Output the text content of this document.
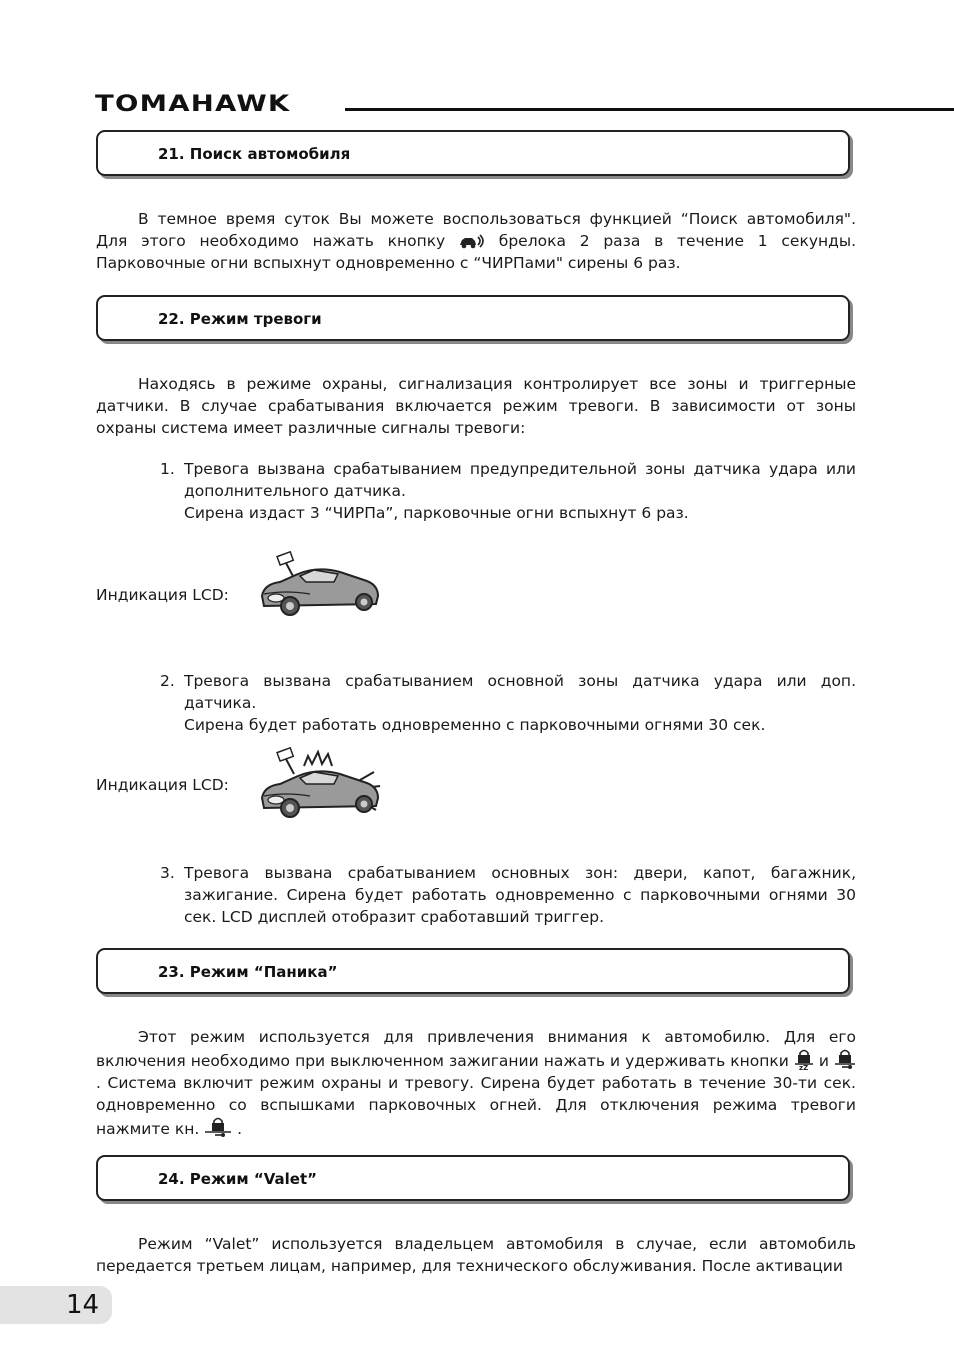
TOMAHAWK
21. Поиск автомобиля

В темное время суток Вы можете воспользоваться функцией “Поиск автомобиля". Для этого необходимо нажать кнопку	брелока 2 раза в течение 1 секунды. Парковочные огни вспыхнут одновременно с “ЧИРПами" сирены 6 раз.

22. Режим тревоги

Находясь в режиме охраны, сигнализация контролирует все зоны и триггерные датчики. В случае срабатывания включается режим тревоги. В зависимости от зоны охраны система имеет различные сигналы тревоги:

1. Тревога вызвана срабатыванием предупредительной зоны датчика удара или дополнительного датчика.
Сирена издаст 3 “ЧИРПа”, парковочные огни вспыхнут 6 раз.
Индикация LCD:
2. Тревога вызвана срабатыванием основной зоны датчика удара или доп. датчика.
Сирена будет работать одновременно с парковочными огнями 30 сек.
Индикация LCD:
3. Тревога вызвана срабатыванием основных зон: двери, капот, багажник, зажигание. Сирена будет работать одновременно с парковочными огнями 30 сек. LCD дисплей отобразит сработавший триггер.
23. Режим “Паника”

Этот режим используется для привлечения внимания к автомобилю. Для его включения необходимо при выключенном зажигании нажать и удерживать кнопки zZ и  . Система включит режим охраны и тревогу. Сирена будет работать в течение 30-ти сек. одновременно со вспышками парковочных огней. Для отключения режима тревоги нажмите кн. .

24. Режим “Valet”

Режим “Valet” используется владельцем автомобиля в случае, если автомобиль передается третьем лицам, например, для технического обслуживания. После активации

14
